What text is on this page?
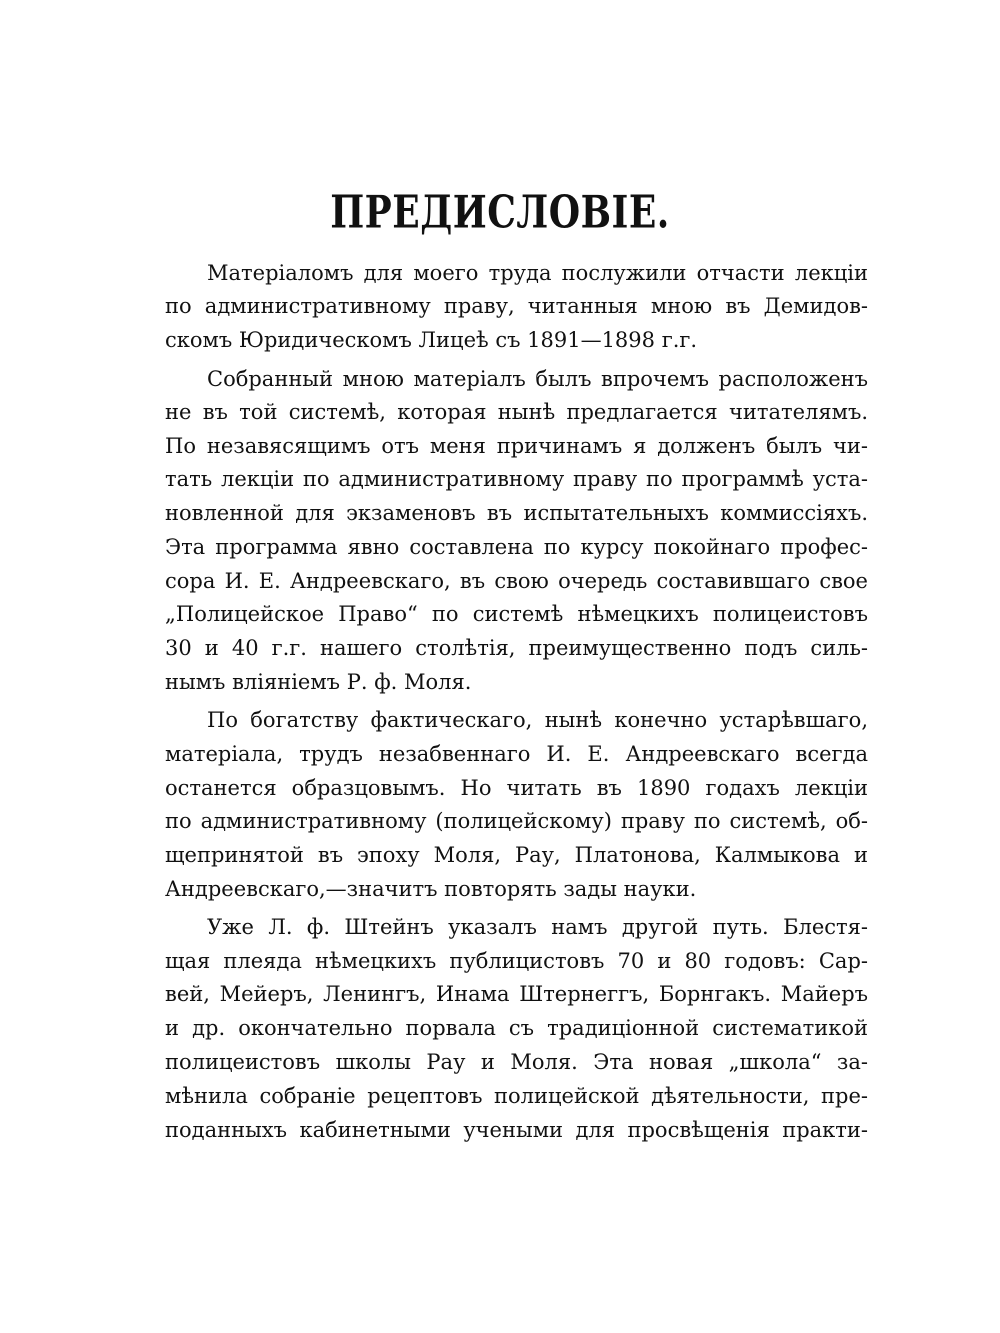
ПРЕДИСЛОВІЕ.

Матеріаломъ для моего труда послужили отчасти лекціи

по административному праву, читанныя мною въ Демидов-

скомъ Юридическомъ Лицеѣ съ 1891—1898 г.г.

Собранный мною матеріалъ былъ впрочемъ расположенъ

не въ той системѣ, которая нынѣ предлагается читателямъ.

По незавясящимъ отъ меня причинамъ я долженъ былъ чи-

тать лекціи по административному праву по программѣ уста-

новленной для экзаменовъ въ испытательныхъ коммиссіяхъ.

Эта программа явно составлена по курсу покойнаго профес-

сора И. Е. Андреевскаго, въ свою очередь составившаго свое

„Полицейское Право“ по системѣ нѣмецкихъ полицеистовъ

30 и 40 г.г. нашего столѣтія, преимущественно подъ силь-

нымъ вліяніемъ Р. ф. Моля.

По богатству фактическаго, нынѣ конечно устарѣвшаго,

матеріала, трудъ незабвеннаго И. Е. Андреевскаго всегда

останется образцовымъ. Но читать въ 1890 годахъ лекціи

по административному (полицейскому) праву по системѣ, об-

щепринятой въ эпоху Моля, Рау, Платонова, Калмыкова и

Андреевскаго,—значитъ повторять зады науки.

Уже Л. ф. Штейнъ указалъ намъ другой путь. Блестя-

щая плеяда нѣмецкихъ публицистовъ 70 и 80 годовъ: Сар-

вей, Мейеръ, Ленингъ, Инама Штернеггъ, Борнгакъ. Майеръ

и др. окончательно порвала съ традиціонной систематикой

полицеистовъ школы Рау и Моля. Эта новая „школа“ за-

мѣнила собраніе рецептовъ полицейской дѣятельности, пре-

поданныхъ кабинетными учеными для просвѣщенія практи-
